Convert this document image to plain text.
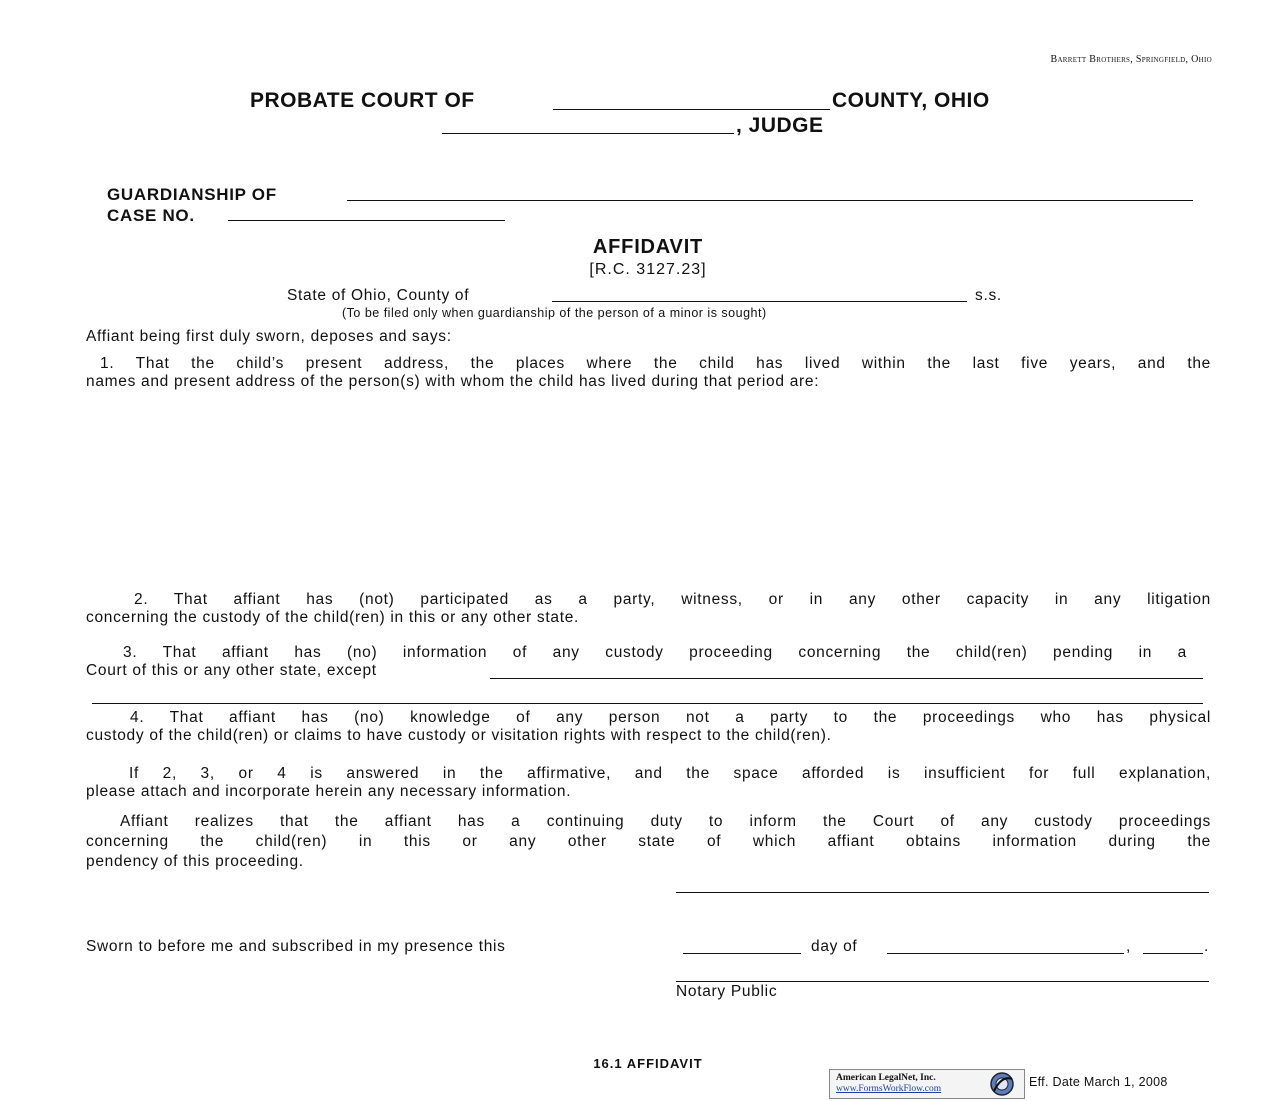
Barrett Brothers, Springfield, Ohio
PROBATE COURT OF	COUNTY, OHIO
, JUDGE
GUARDIANSHIP OF
CASE NO.
AFFIDAVIT
[R.C. 3127.23]
State of Ohio, County of	s.s.
(To be filed only when guardianship of the person of a minor is sought)
Affiant being first duly sworn, deposes and says:
1. That the child’s present address, the places where the child has lived within the last five years, and the
names and present address of the person(s) with whom the child has lived during that period are:
2. That affiant has (not) participated as a party, witness, or in any other capacity in any litigation
concerning the custody of the child(ren) in this or any other state.
3. That affiant has (no) information of any custody proceeding concerning the child(ren) pending in a
Court of this or any other state, except
4. That affiant has (no) knowledge of any person not a party to the proceedings who has physical
custody of the child(ren) or claims to have custody or visitation rights with respect to the child(ren).
If 2, 3, or 4 is answered in the affirmative, and the space afforded is insufficient for full explanation,
please attach and incorporate herein any necessary information.
Affiant realizes that the affiant has a continuing duty to inform the Court of any custody proceedings
concerning the child(ren) in this or any other state of which affiant obtains information during the
pendency of this proceeding.
Sworn to before me and subscribed in my presence this	day of	,	.
Notary Public
16.1 AFFIDAVIT
American LegalNet, Inc.
www.FormsWorkFlow.com	Eff. Date March 1, 2008
